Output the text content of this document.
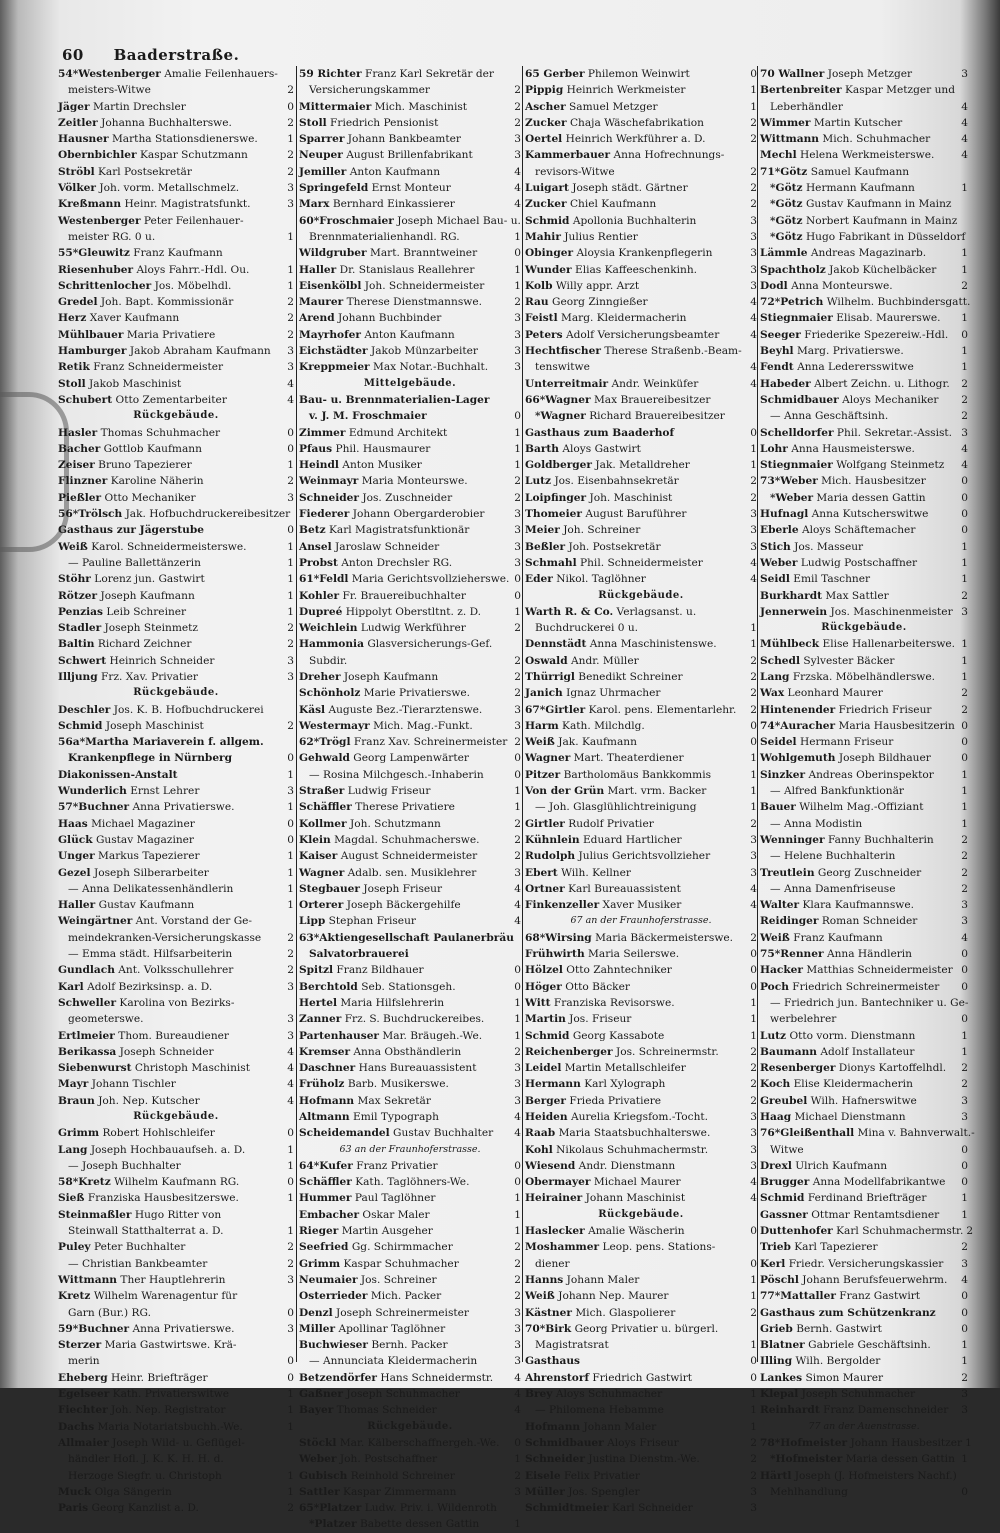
60 Baaderstraße.
54*Westenberger Amalie Feilenhauers-
meisters-Witwe	2
Jäger Martin Drechsler	0
Zeitler Johanna Buchhalterswe.	2
Hausner Martha Stationsdienerswe.	1
Obernbichler Kaspar Schutzmann	2
Ströbl Karl Postsekretär	2
Völker Joh. vorm. Metallschmelz.	3
Kreßmann Heinr. Magistratsfunkt.	3
Westenberger Peter Feilenhauer-
meister RG. 0 u.	1
55*Gleuwitz Franz Kaufmann
Riesenhuber Aloys Fahrr.-Hdl. Ou.	1
Schrittenlocher Jos. Möbelhdl.	1
Gredel Joh. Bapt. Kommissionär	2
Herz Xaver Kaufmann	2
Mühlbauer Maria Privatiere	2
Hamburger Jakob Abraham Kaufmann	3
Retik Franz Schneidermeister	3
Stoll Jakob Maschinist	4
Schubert Otto Zementarbeiter	4
Rückgebäude.
Hasler Thomas Schuhmacher	0
Bacher Gottlob Kaufmann	0
Zeiser Bruno Tapezierer	1
Flinzner Karoline Näherin	2
Pießler Otto Mechaniker	3
56*Trölsch Jak. Hofbuchdruckereibesitzer
Gasthaus zur Jägerstube	0
Weiß Karol. Schneidermeisterswe.	1
— Pauline Ballettänzerin	1
Stöhr Lorenz jun. Gastwirt	1
Rötzer Joseph Kaufmann	1
Penzias Leib Schreiner	1
Stadler Joseph Steinmetz	2
Baltin Richard Zeichner	2
Schwert Heinrich Schneider	3
Illjung Frz. Xav. Privatier	3
Rückgebäude.
Deschler Jos. K. B. Hofbuchdruckerei
Schmid Joseph Maschinist	2
56a*Martha Mariaverein f. allgem.
Krankenpflege in Nürnberg	0
Diakonissen-Anstalt	1
Wunderlich Ernst Lehrer	3
57*Buchner Anna Privatierswe.	1
Haas Michael Magaziner	0
Glück Gustav Magaziner	0
Unger Markus Tapezierer	1
Gezel Joseph Silberarbeiter	1
— Anna Delikatessenhändlerin	1
Haller Gustav Kaufmann	1
Weingärtner Ant. Vorstand der Ge-
meindekranken-Versicherungskasse	2
— Emma städt. Hilfsarbeiterin	2
Gundlach Ant. Volksschullehrer	2
Karl Adolf Bezirksinsp. a. D.	3
Schweller Karolina von Bezirks-
geometerswe.	3
Ertlmeier Thom. Bureaudiener	3
Berikassa Joseph Schneider	4
Siebenwurst Christoph Maschinist	4
Mayr Johann Tischler	4
Braun Joh. Nep. Kutscher	4
Rückgebäude.
Grimm Robert Hohlschleifer	0
Lang Joseph Hochbauaufseh. a. D.	1
— Joseph Buchhalter	1
58*Kretz Wilhelm Kaufmann RG.	0
Sieß Franziska Hausbesitzerswe.	1
Steinmaßler Hugo Ritter von
Steinwall Statthalterrat a. D.	1
Puley Peter Buchhalter	2
— Christian Bankbeamter	2
Wittmann Ther Hauptlehrerin	3
Kretz Wilhelm Warenagentur für
Garn (Bur.) RG.	0
59*Buchner Anna Privatierswe.	3
Sterzer Maria Gastwirtswe. Krä-
merin	0
Eheberg Heinr. Briefträger	0
Egelseer Kath. Privatierswitwe	1
Fiechter Joh. Nep. Registrator	1
Dachs Maria Notariatsbuchh.-We.	1
Allmaier Joseph Wild- u. Geflügel-
händler Hofl. J. K. K. H. H. d.
Herzoge Siegfr. u. Christoph	1
Muck Olga Sängerin	1
Paris Georg Kanzlist a. D.	2
59 Richter Franz Karl Sekretär der
Versicherungskammer	2
Mittermaier Mich. Maschinist	2
Stoll Friedrich Pensionist	2
Sparrer Johann Bankbeamter	3
Neuper August Brillenfabrikant	3
Jemiller Anton Kaufmann	4
Springefeld Ernst Monteur	4
Marx Bernhard Einkassierer	4
60*Froschmaier Joseph Michael Bau- u.
Brennmaterialienhandl. RG.	1
Wildgruber Mart. Branntweiner	0
Haller Dr. Stanislaus Reallehrer	1
Eisenkölbl Joh. Schneidermeister	1
Maurer Therese Dienstmannswe.	2
Arend Johann Buchbinder	3
Mayrhofer Anton Kaufmann	3
Eichstädter Jakob Münzarbeiter	3
Kreppmeier Max Notar.-Buchhalt.	3
Mittelgebäude.
Bau- u. Brennmaterialien-Lager
v. J. M. Froschmaier	0
Zimmer Edmund Architekt	1
Pfaus Phil. Hausmaurer	1
Heindl Anton Musiker	1
Weinmayr Maria Monteurswe.	2
Schneider Jos. Zuschneider	2
Fiederer Johann Obergarderobier	3
Betz Karl Magistratsfunktionär	3
Ansel Jaroslaw Schneider	3
Probst Anton Drechsler RG.	3
61*Feldl Maria Gerichtsvollzieherswe. 0
Kohler Fr. Brauereibuchhalter	0
Dupreé Hippolyt Oberstltnt. z. D.	1
Weichlein Ludwig Werkführer	2
Hammonia Glasversicherungs-Gef.
Subdir.	2
Dreher Joseph Kaufmann	2
Schönholz Marie Privatierswe.	2
Käsl Auguste Bez.-Tierarztenswe.	3
Westermayr Mich. Mag.-Funkt.	3
62*Trögl Franz Xav. Schreinermeister 2
Gehwald Georg Lampenwärter	0
— Rosina Milchgesch.-Inhaberin	0
Straßer Ludwig Friseur	1
Schäffler Therese Privatiere	1
Kollmer Joh. Schutzmann	2
Klein Magdal. Schuhmacherswe.	2
Kaiser August Schneidermeister	2
Wagner Adalb. sen. Musiklehrer	3
Stegbauer Joseph Friseur	4
Orterer Joseph Bäckergehilfe	4
Lipp Stephan Friseur	4
63*Aktiengesellschaft Paulanerbräu
Salvatorbrauerei
Spitzl Franz Bildhauer	0
Berchtold Seb. Stationsgeh.	0
Hertel Maria Hilfslehrerin	1
Zanner Frz. S. Buchdruckereibes.	1
Partenhauser Mar. Bräugeh.-We.	1
Kremser Anna Obsthändlerin	2
Daschner Hans Bureauassistent	3
Früholz Barb. Musikerswe.	3
Hofmann Max Sekretär	3
Altmann Emil Typograph	4
Scheidemandel Gustav Buchhalter	4
63 an der Fraunhoferstrasse.
64*Kufer Franz Privatier	0
Schäffler Kath. Taglöhners-We.	0
Hummer Paul Taglöhner	1
Embacher Oskar Maler	1
Rieger Martin Ausgeher	1
Seefried Gg. Schirmmacher	2
Grimm Kaspar Schuhmacher	2
Neumaier Jos. Schreiner	2
Osterrieder Mich. Packer	2
Denzl Joseph Schreinermeister	3
Miller Apollinar Taglöhner	3
Buchwieser Bernh. Packer	3
— Annunciata Kleidermacherin	3
Betzendörfer Hans Schneidermstr.	4
Gaßner Joseph Schuhmacher	4
Bayer Thomas Schneider	4
Rückgebäude.
Stöckl Mar. Kälberschaffnergeh.-We.	0
Weber Joh. Postschaffner	1
Gubisch Reinhold Schreiner	2
Sattler Kaspar Zimmermann	3
65*Platzer Ludw. Priv. i. Wildenroth
*Platzer Babette dessen Gattin	1
65 Gerber Philemon Weinwirt	0
Pippig Heinrich Werkmeister	1
Ascher Samuel Metzger	1
Zucker Chaja Wäschefabrikation	2
Oertel Heinrich Werkführer a. D.	2
Kammerbauer Anna Hofrechnungs-
revisors-Witwe	2
Luigart Joseph städt. Gärtner	2
Zucker Chiel Kaufmann	2
Schmid Apollonia Buchhalterin	3
Mahir Julius Rentier	3
Obinger Aloysia Krankenpflegerin	3
Wunder Elias Kaffeeschenkinh.	3
Kolb Willy appr. Arzt	3
Rau Georg Zinngießer	4
Feistl Marg. Kleidermacherin	4
Peters Adolf Versicherungsbeamter	4
Hechtfischer Therese Straßenb.-Beam-
tenswitwe	4
Unterreitmair Andr. Weinküfer	4
66*Wagner Max Brauereibesitzer
*Wagner Richard Brauereibesitzer
Gasthaus zum Baaderhof	0
Barth Aloys Gastwirt	1
Goldberger Jak. Metalldreher	1
Lutz Jos. Eisenbahnsekretär	2
Loipfinger Joh. Maschinist	2
Thomeier August Baruführer	3
Meier Joh. Schreiner	3
Beßler Joh. Postsekretär	3
Schmahl Phil. Schneidermeister	4
Eder Nikol. Taglöhner	4
Rückgebäude.
Warth R. & Co. Verlagsanst. u.
Buchdruckerei 0 u.	1
Dennstädt Anna Maschinistenswe.	1
Oswald Andr. Müller	2
Thürrigl Benedikt Schreiner	2
Janich Ignaz Uhrmacher	2
67*Girtler Karol. pens. Elementarlehr.	2
Harm Kath. Milchdlg.	0
Weiß Jak. Kaufmann	0
Wagner Mart. Theaterdiener	1
Pitzer Bartholomäus Bankkommis	1
Von der Grün Mart. vrm. Backer	1
— Joh. Glasglühlichtreinigung	1
Girtler Rudolf Privatier	2
Kühnlein Eduard Hartlicher	3
Rudolph Julius Gerichtsvollzieher	3
Ebert Wilh. Kellner	3
Ortner Karl Bureauassistent	4
Finkenzeller Xaver Musiker	4
67 an der Fraunhoferstrasse.
68*Wirsing Maria Bäckermeisterswe.	2
Frühwirth Maria Seilerswe.	0
Hölzel Otto Zahntechniker	0
Höger Otto Bäcker	0
Witt Franziska Revisorswe.	1
Martin Jos. Friseur	1
Schmid Georg Kassabote	1
Reichenberger Jos. Schreinermstr.	2
Leidel Martin Metallschleifer	2
Hermann Karl Xylograph	2
Berger Frieda Privatiere	2
Heiden Aurelia Kriegsfom.-Tocht.	3
Raab Maria Staatsbuchhalterswe.	3
Kohl Nikolaus Schuhmachermstr.	3
Wiesend Andr. Dienstmann	3
Obermayer Michael Maurer	4
Heirainer Johann Maschinist	4
Rückgebäude.
Haslecker Amalie Wäscherin	0
Moshammer Leop. pens. Stations-
diener	0
Hanns Johann Maler	1
Weiß Johann Nep. Maurer	1
Kästner Mich. Glaspolierer	2
70*Birk Georg Privatier u. bürgerl.
Magistratsrat	1
Gasthaus	0
Ahrenstorf Friedrich Gastwirt	0
Brey Aloys Schuhmacher	1
— Philomena Hebamme	1
Hofmann Johann Maler	1
Schmidbauer Aloys Friseur	2
Schneider Justina Dienstm.-We.	2
Eisele Felix Privatier	2
Müller Jos. Spengler	3
Schmidtmeier Karl Schneider	3
70 Wallner Joseph Metzger	3
Bertenbreiter Kaspar Metzger und
Leberhändler	4
Wimmer Martin Kutscher	4
Wittmann Mich. Schuhmacher	4
Mechl Helena Werkmeisterswe.	4
71*Götz Samuel Kaufmann
*Götz Hermann Kaufmann	1
*Götz Gustav Kaufmann in Mainz
*Götz Norbert Kaufmann in Mainz
*Götz Hugo Fabrikant in Düsseldorf
Lämmle Andreas Magazinarb.	1
Spachtholz Jakob Küchelbäcker	1
Dodl Anna Monteurswe.	2
72*Petrich Wilhelm. Buchbindersgatt.
Stiegnmaier Elisab. Maurerswe.	1
Seeger Friederike Spezereiw.-Hdl.	0
Beyhl Marg. Privatierswe.	1
Fendt Anna Lederersswitwe	1
Habeder Albert Zeichn. u. Lithogr.	2
Schmidbauer Aloys Mechaniker	2
— Anna Geschäftsinh.	2
Schelldorfer Phil. Sekretar.-Assist. 3
Lohr Anna Hausmeisterswe.	4
Stiegnmaier Wolfgang Steinmetz	4
73*Weber Mich. Hausbesitzer	0
*Weber Maria dessen Gattin	0
Hufnagl Anna Kutscherswitwe	0
Eberle Aloys Schäftemacher	0
Stich Jos. Masseur	1
Weber Ludwig Postschaffner	1
Seidl Emil Taschner	1
Burkhardt Max Sattler	2
Jennerwein Jos. Maschinenmeister 3
Rückgebäude.
Mühlbeck Elise Hallenarbeiterswe. 1
Schedl Sylvester Bäcker	1
Lang Frzska. Möbelhändlerswe.	1
Wax Leonhard Maurer	2
Hintenender Friedrich Friseur	2
74*Auracher Maria Hausbesitzerin 0
Seidel Hermann Friseur	0
Wohlgemuth Joseph Bildhauer	0
Sinzker Andreas Oberinspektor	1
— Alfred Bankfunktionär	1
Bauer Wilhelm Mag.-Offiziant	1
— Anna Modistin	1
Wenninger Fanny Buchhalterin	2
— Helene Buchhalterin	2
Treutlein Georg Zuschneider	2
— Anna Damenfriseuse	2
Walter Klara Kaufmannswe.	3
Reidinger Roman Schneider	3
Weiß Franz Kaufmann	4
75*Renner Anna Händlerin	0
Hacker Matthias Schneidermeister 0
Poch Friedrich Schreinermeister	0
— Friedrich jun. Bantechniker u. Ge-
werbelehrer	0
Lutz Otto vorm. Dienstmann	1
Baumann Adolf Installateur	1
Resenberger Dionys Kartoffelhdl.	2
Koch Elise Kleidermacherin	2
Greubel Wilh. Hafnerswitwe	3
Haag Michael Dienstmann	3
76*Gleißenthall Mina v. Bahnverwalt.-
Witwe	0
Drexl Ulrich Kaufmann	0
Brugger Anna Modellfabrikantwe	0
Schmid Ferdinand Briefträger	1
Gassner Ottmar Rentamtsdiener	1
Duttenhofer Karl Schuhmachermstr. 2
Trieb Karl Tapezierer	2
Kerl Friedr. Versicherungskassier	3
Pöschl Johann Berufsfeuerwehrm.	4
77*Mattaller Franz Gastwirt	0
Gasthaus zum Schützenkranz	0
Grieb Bernh. Gastwirt	0
Blatner Gabriele Geschäftsinh.	1
Illing Wilh. Bergolder	1
Lankes Simon Maurer	2
Klepal Joseph Schuhmacher	3
Reinhardt Franz Damenschneider	3
77 an der Auenstrasse.
78*Hofmeister Johann Hausbesitzer 1
*Hofmeister Maria dessen Gattin 1
Härtl Joseph (J. Hofmeisters Nachf.)
Mehlhandlung	0
